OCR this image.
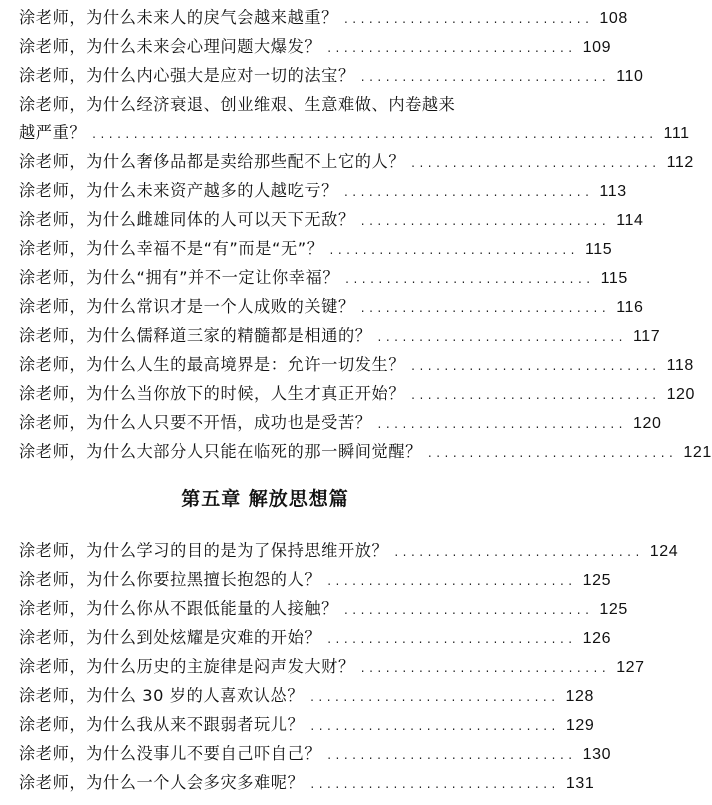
涂老师，为什么未来人的戾气会越来越重？ .............................. 108
涂老师，为什么未来会心理问题大爆发？ .............................. 109
涂老师，为什么内心强大是应对一切的法宝？ .............................. 110
涂老师，为什么经济衰退、创业维艰、生意难做、内卷越来
越严重？ .................................................................... 111
涂老师，为什么奢侈品都是卖给那些配不上它的人？ .............................. 112
涂老师，为什么未来资产越多的人越吃亏？ .............................. 113
涂老师，为什么雌雄同体的人可以天下无敌？ .............................. 114
涂老师，为什么幸福不是“有”而是“无”？ .............................. 115
涂老师，为什么“拥有”并不一定让你幸福？ .............................. 115
涂老师，为什么常识才是一个人成败的关键？ .............................. 116
涂老师，为什么儒释道三家的精髓都是相通的？ .............................. 117
涂老师，为什么人生的最高境界是：允许一切发生？ .............................. 118
涂老师，为什么当你放下的时候，人生才真正开始？ .............................. 120
涂老师，为什么人只要不开悟，成功也是受苦？ .............................. 120
涂老师，为什么大部分人只能在临死的那一瞬间觉醒？ .............................. 121
第五章 解放思想篇
涂老师，为什么学习的目的是为了保持思维开放？ .............................. 124
涂老师，为什么你要拉黑擅长抱怨的人？ .............................. 125
涂老师，为什么你从不跟低能量的人接触？ .............................. 125
涂老师，为什么到处炫耀是灾难的开始？ .............................. 126
涂老师，为什么历史的主旋律是闷声发大财？ .............................. 127
涂老师，为什么 30 岁的人喜欢认怂？ .............................. 128
涂老师，为什么我从来不跟弱者玩儿？ .............................. 129
涂老师，为什么没事儿不要自己吓自己？ .............................. 130
涂老师，为什么一个人会多灾多难呢？ .............................. 131
